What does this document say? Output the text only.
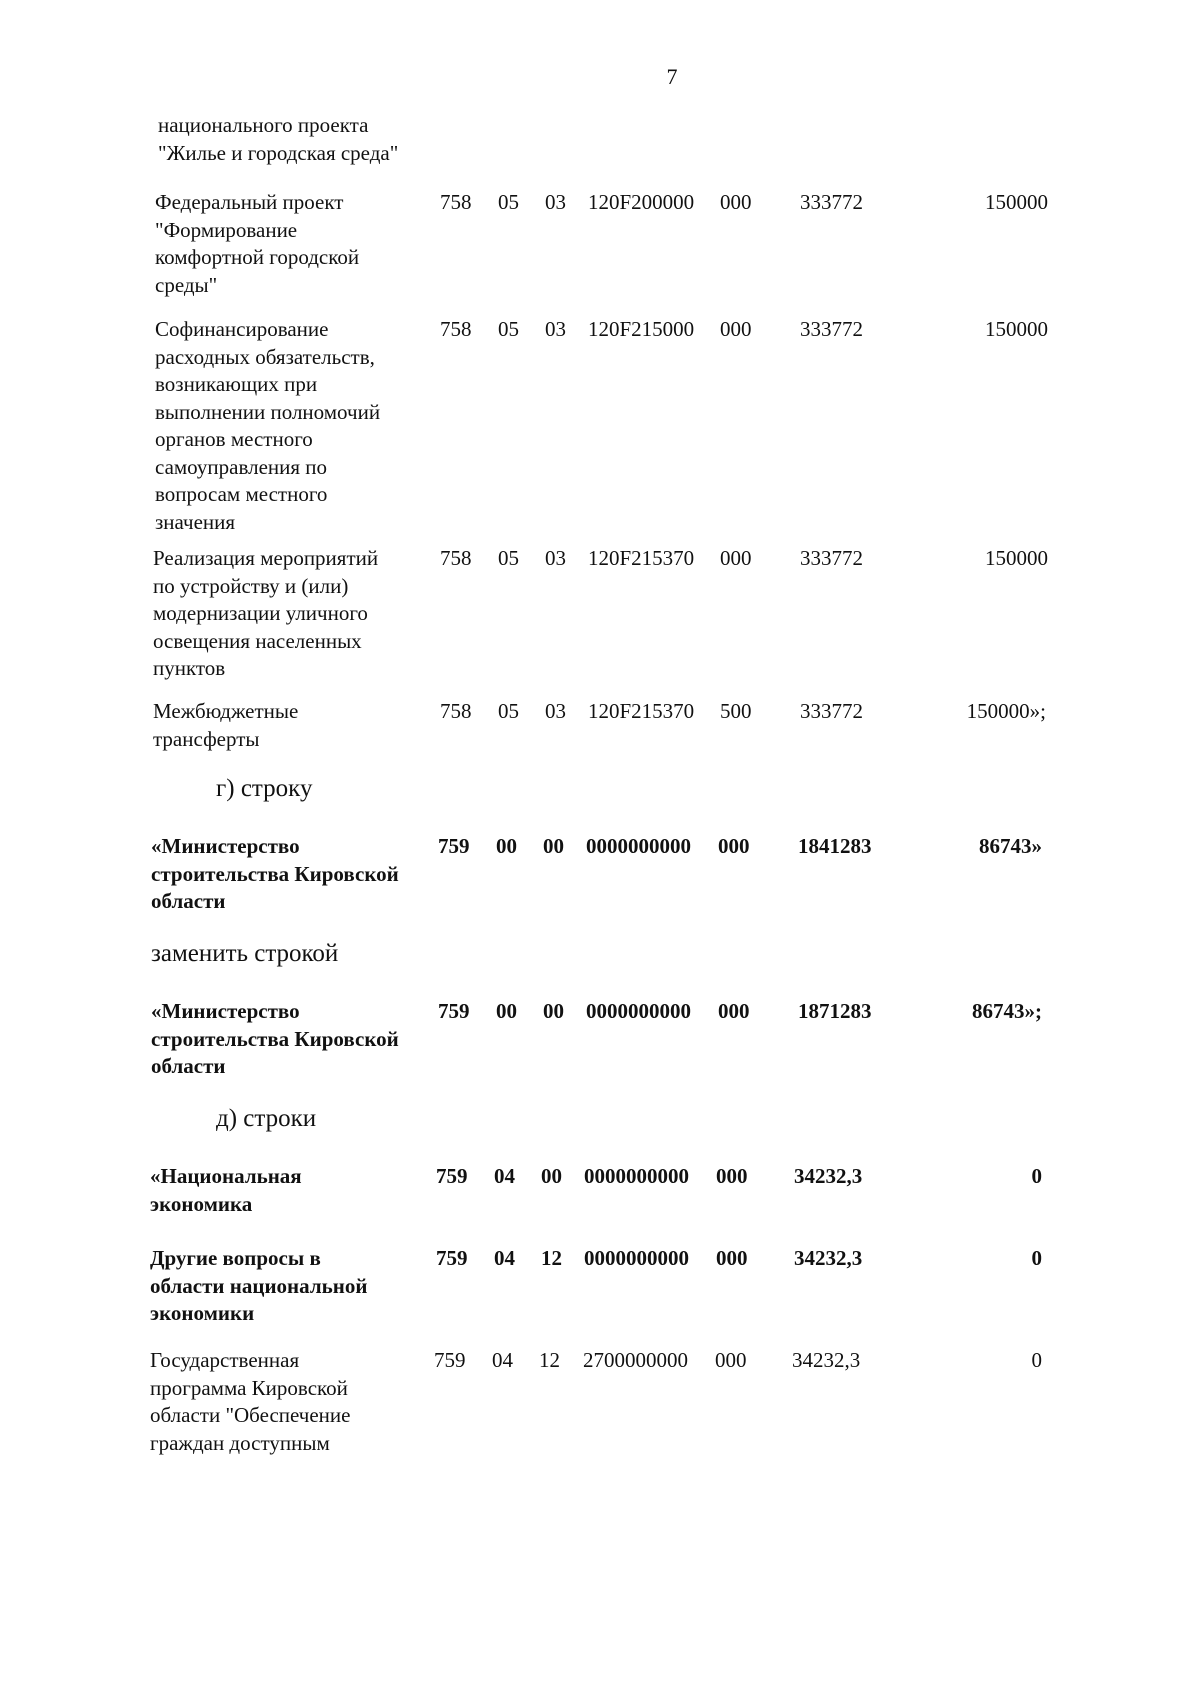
7
национального проекта
"Жилье и городская среда"
Федеральный проект
"Формирование
комфортной городской
среды"
758 05 03 120F200000 000 333772	150000
Софинансирование
расходных обязательств,
возникающих при
выполнении полномочий
органов местного
самоуправления по
вопросам местного
значения
758 05 03 120F215000 000 333772	150000
Реализация мероприятий
по устройству и (или)
модернизации уличного
освещения населенных
пунктов
758 05 03 120F215370 000 333772	150000
Межбюджетные
трансферты
758 05 03 120F215370 500 333772	150000»;
«Министерство
строительства Кировской
области
759 00 00 0000000000 000 1841283	86743»
«Министерство
строительства Кировской
области
759 00 00 0000000000 000 1871283	86743»;
«Национальная
экономика
759 04 00 0000000000 000 34232,3	0
Другие вопросы в
области национальной
экономики
759 04 12 0000000000 000 34232,3	0
Государственная
программа Кировской
области "Обеспечение
граждан доступным
759 04 12 2700000000 000 34232,3	0
г) строку
заменить строкой
д) строки
